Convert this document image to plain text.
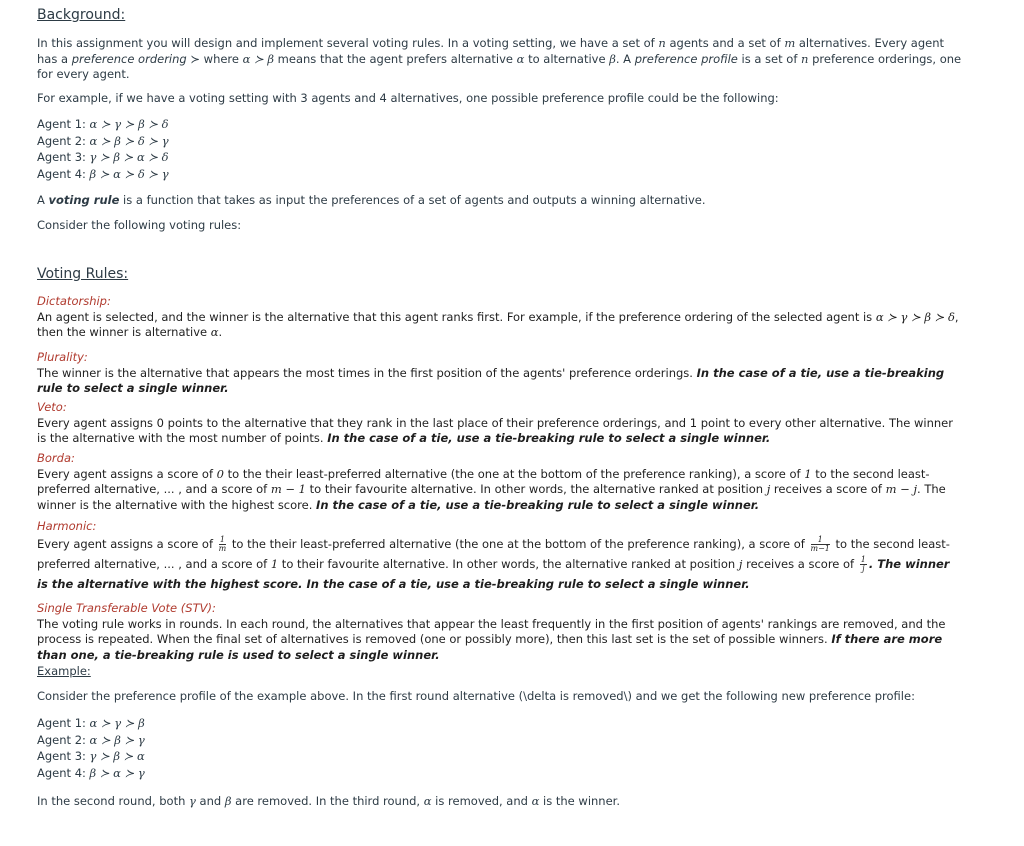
Background:
In this assignment you will design and implement several voting rules. In a voting setting, we have a set of n agents and a set of m alternatives. Every agent has a preference ordering ≻ where α ≻ β means that the agent prefers alternative α to alternative β. A preference profile is a set of n preference orderings, one for every agent.
For example, if we have a voting setting with 3 agents and 4 alternatives, one possible preference profile could be the following:
Agent 1: α ≻ γ ≻ β ≻ δ
Agent 2: α ≻ β ≻ δ ≻ γ
Agent 3: γ ≻ β ≻ α ≻ δ
Agent 4: β ≻ α ≻ δ ≻ γ
A voting rule is a function that takes as input the preferences of a set of agents and outputs a winning alternative.
Consider the following voting rules:
Voting Rules:
Dictatorship:
An agent is selected, and the winner is the alternative that this agent ranks first. For example, if the preference ordering of the selected agent is α ≻ γ ≻ β ≻ δ, then the winner is alternative α.
Plurality:
The winner is the alternative that appears the most times in the first position of the agents' preference orderings. In the case of a tie, use a tie-breaking rule to select a single winner.
Veto:
Every agent assigns 0 points to the alternative that they rank in the last place of their preference orderings, and 1 point to every other alternative. The winner is the alternative with the most number of points. In the case of a tie, use a tie-breaking rule to select a single winner.
Borda:
Every agent assigns a score of 0 to the their least-preferred alternative (the one at the bottom of the preference ranking), a score of 1 to the second least-preferred alternative, ... , and a score of m − 1 to their favourite alternative. In other words, the alternative ranked at position j receives a score of m − j. The winner is the alternative with the highest score. In the case of a tie, use a tie-breaking rule to select a single winner.
Harmonic:
Every agent assigns a score of $\frac{1}{m}$ to the their least-preferred alternative (the one at the bottom of the preference ranking), a score of $\frac{1}{m-1}$ to the second least-preferred alternative, ... , and a score of 1 to their favourite alternative. In other words, the alternative ranked at position j receives a score of $\frac{1}{j}$ . The winner is the alternative with the highest score. In the case of a tie, use a tie-breaking rule to select a single winner.
Single Transferable Vote (STV):
The voting rule works in rounds. In each round, the alternatives that appear the least frequently in the first position of agents' rankings are removed, and the process is repeated. When the final set of alternatives is removed (one or possibly more), then this last set is the set of possible winners. If there are more than one, a tie-breaking rule is used to select a single winner.
Example:
Consider the preference profile of the example above. In the first round alternative (\delta is removed\) and we get the following new preference profile:
Agent 1: α ≻ γ ≻ β
Agent 2: α ≻ β ≻ γ
Agent 3: γ ≻ β ≻ α
Agent 4: β ≻ α ≻ γ
In the second round, both γ and β are removed. In the third round, α is removed, and α is the winner.
